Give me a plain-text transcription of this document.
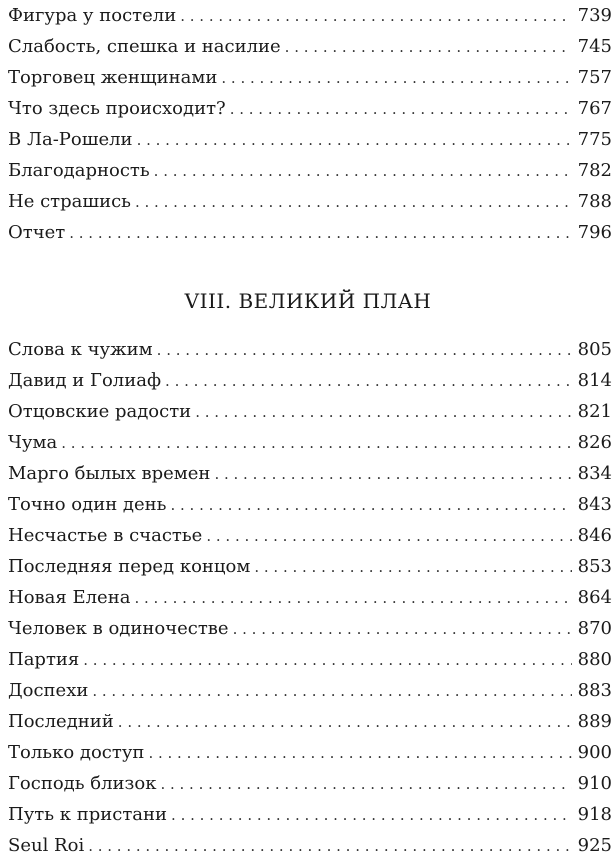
Фигура у постели . . .	739
Слабость, спешка и насилие . . .	745
Торговец женщинами . . .	757
Что здесь происходит? . . .	767
В Ла-Рошели . . .	775
Благодарность . . .	782
Не страшись . . .	788
Отчет . . .	796
VIII. ВЕЛИКИЙ ПЛАН
Слова к чужим . . .	805
Давид и Голиаф . . .	814
Отцовские радости . . .	821
Чума . . .	826
Марго былых времен . . .	834
Точно один день . . .	843
Несчастье в счастье . . .	846
Последняя перед концом . . .	853
Новая Елена . . .	864
Человек в одиночестве . . .	870
Партия . . .	880
Доспехи . . .	883
Последний . . .	889
Только доступ . . .	900
Господь близок . . .	910
Путь к пристани . . .	918
Seul Roi . . .	925
